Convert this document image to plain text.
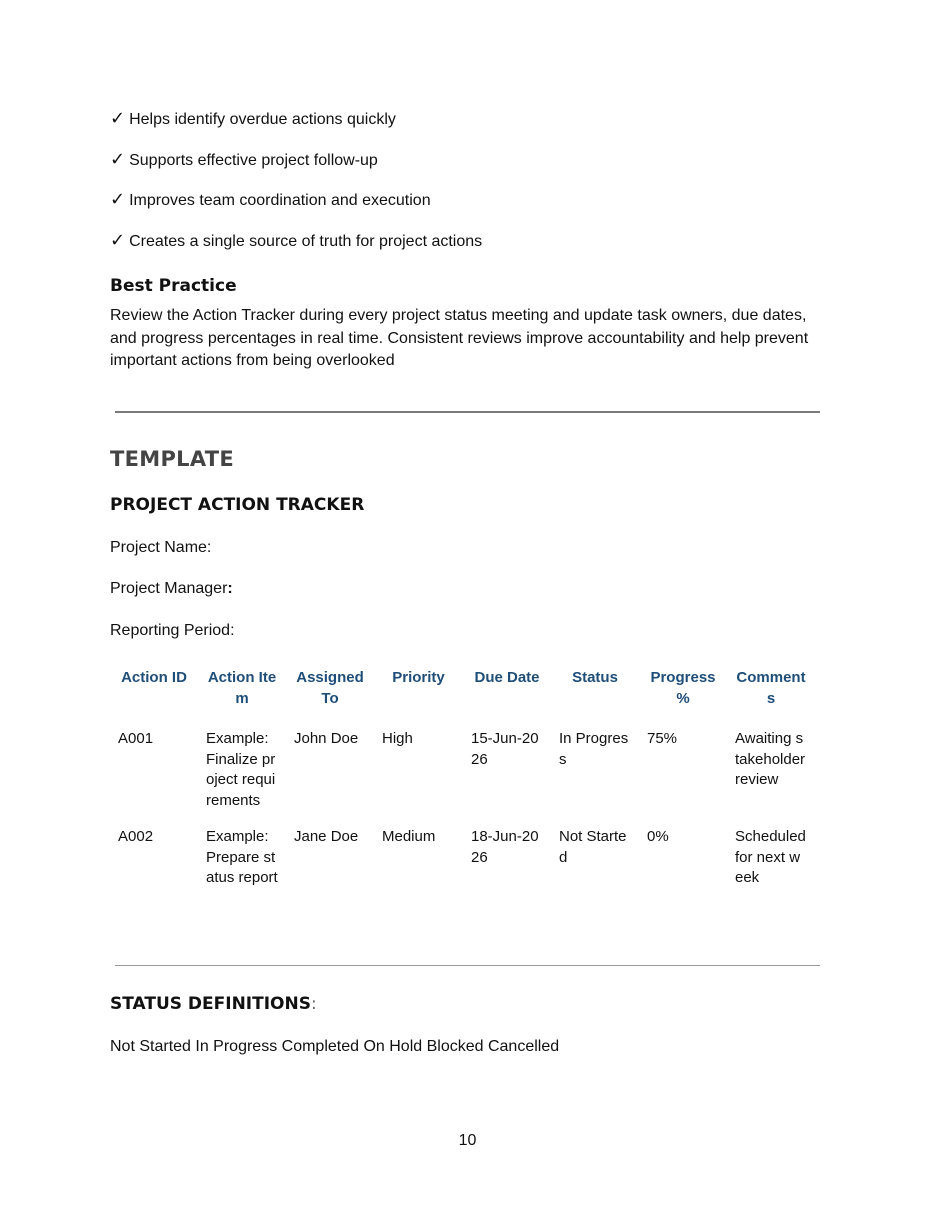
✓ Helps identify overdue actions quickly
✓ Supports effective project follow-up
✓ Improves team coordination and execution
✓ Creates a single source of truth for project actions
Best Practice
Review the Action Tracker during every project status meeting and update task owners, due dates, and progress percentages in real time. Consistent reviews improve accountability and help prevent important actions from being overlooked
TEMPLATE
PROJECT ACTION TRACKER
Project Name:
Project Manager:
Reporting Period:
Action ID	Action Item	Assigned To	Priority	Due Date	Status	Progress %	Comments
A001	Example: Finalize project requirements	John Doe	High	15-Jun-2026	In Progress	75%	Awaiting stakeholder review
A002	Example: Prepare status report	Jane Doe	Medium	18-Jun-2026	Not Started	0%	Scheduled for next week
STATUS DEFINITIONS:
Not Started In Progress Completed On Hold Blocked Cancelled
10
